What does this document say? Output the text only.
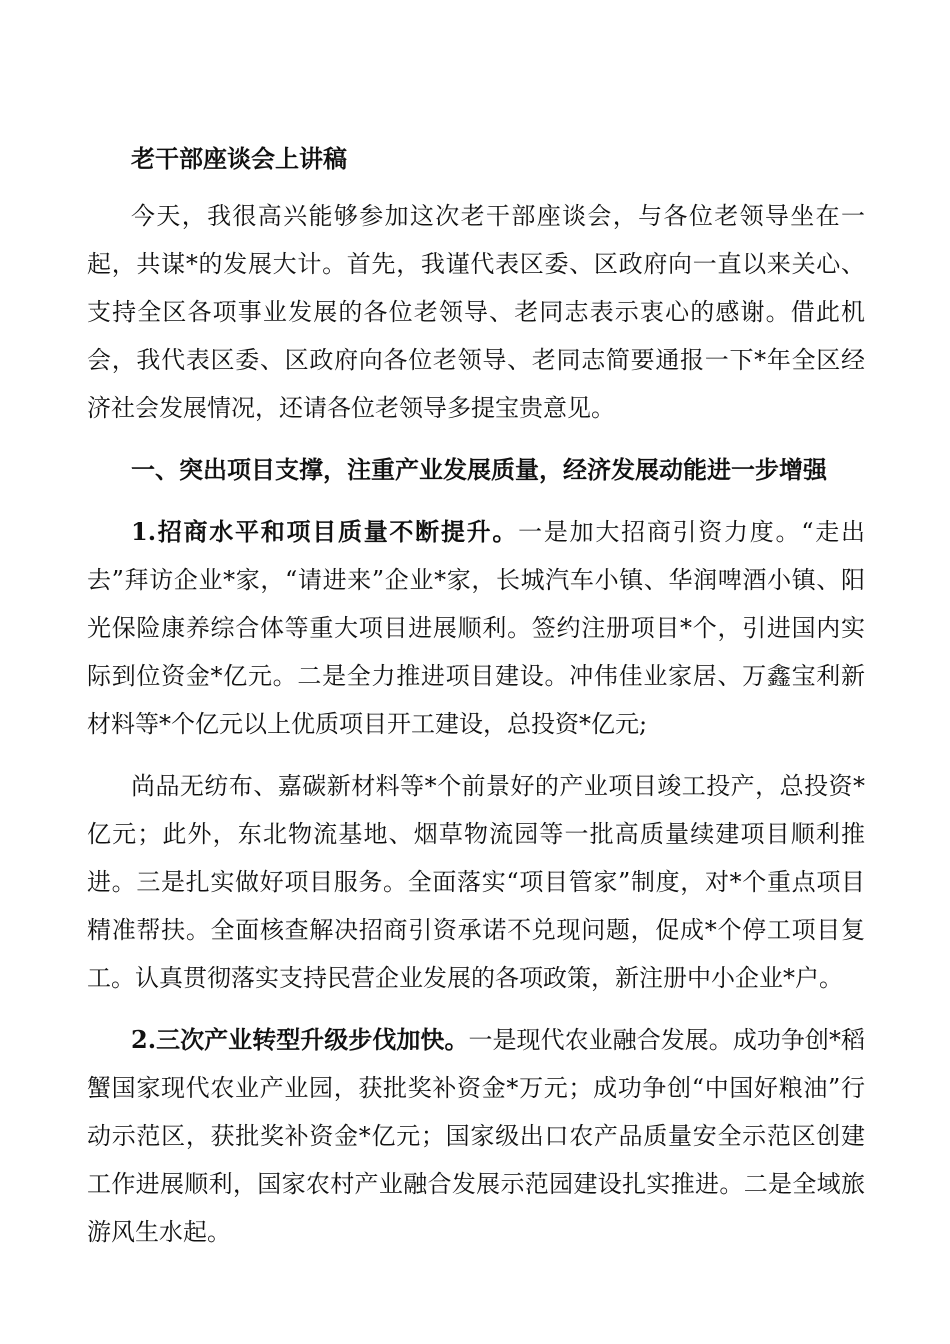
老干部座谈会上讲稿

今天，我很高兴能够参加这次老干部座谈会，与各位老领导坐在一起，共谋*的发展大计。首先，我谨代表区委、区政府向一直以来关心、支持全区各项事业发展的各位老领导、老同志表示衷心的感谢。借此机会，我代表区委、区政府向各位老领导、老同志简要通报一下*年全区经济社会发展情况，还请各位老领导多提宝贵意见。

一、突出项目支撑，注重产业发展质量，经济发展动能进一步增强

1.招商水平和项目质量不断提升。一是加大招商引资力度。“走出去”拜访企业*家，“请进来”企业*家，长城汽车小镇、华润啤酒小镇、阳光保险康养综合体等重大项目进展顺利。签约注册项目*个，引进国内实际到位资金*亿元。二是全力推进项目建设。冲伟佳业家居、万鑫宝利新材料等*个亿元以上优质项目开工建设，总投资*亿元;

尚品无纺布、嘉碳新材料等*个前景好的产业项目竣工投产，总投资*亿元；此外，东北物流基地、烟草物流园等一批高质量续建项目顺利推进。三是扎实做好项目服务。全面落实“项目管家”制度，对*个重点项目精准帮扶。全面核查解决招商引资承诺不兑现问题，促成*个停工项目复工。认真贯彻落实支持民营企业发展的各项政策，新注册中小企业*户。

2.三次产业转型升级步伐加快。一是现代农业融合发展。成功争创*稻蟹国家现代农业产业园，获批奖补资金*万元；成功争创“中国好粮油”行动示范区，获批奖补资金*亿元；国家级出口农产品质量安全示范区创建工作进展顺利，国家农村产业融合发展示范园建设扎实推进。二是全域旅游风生水起。
